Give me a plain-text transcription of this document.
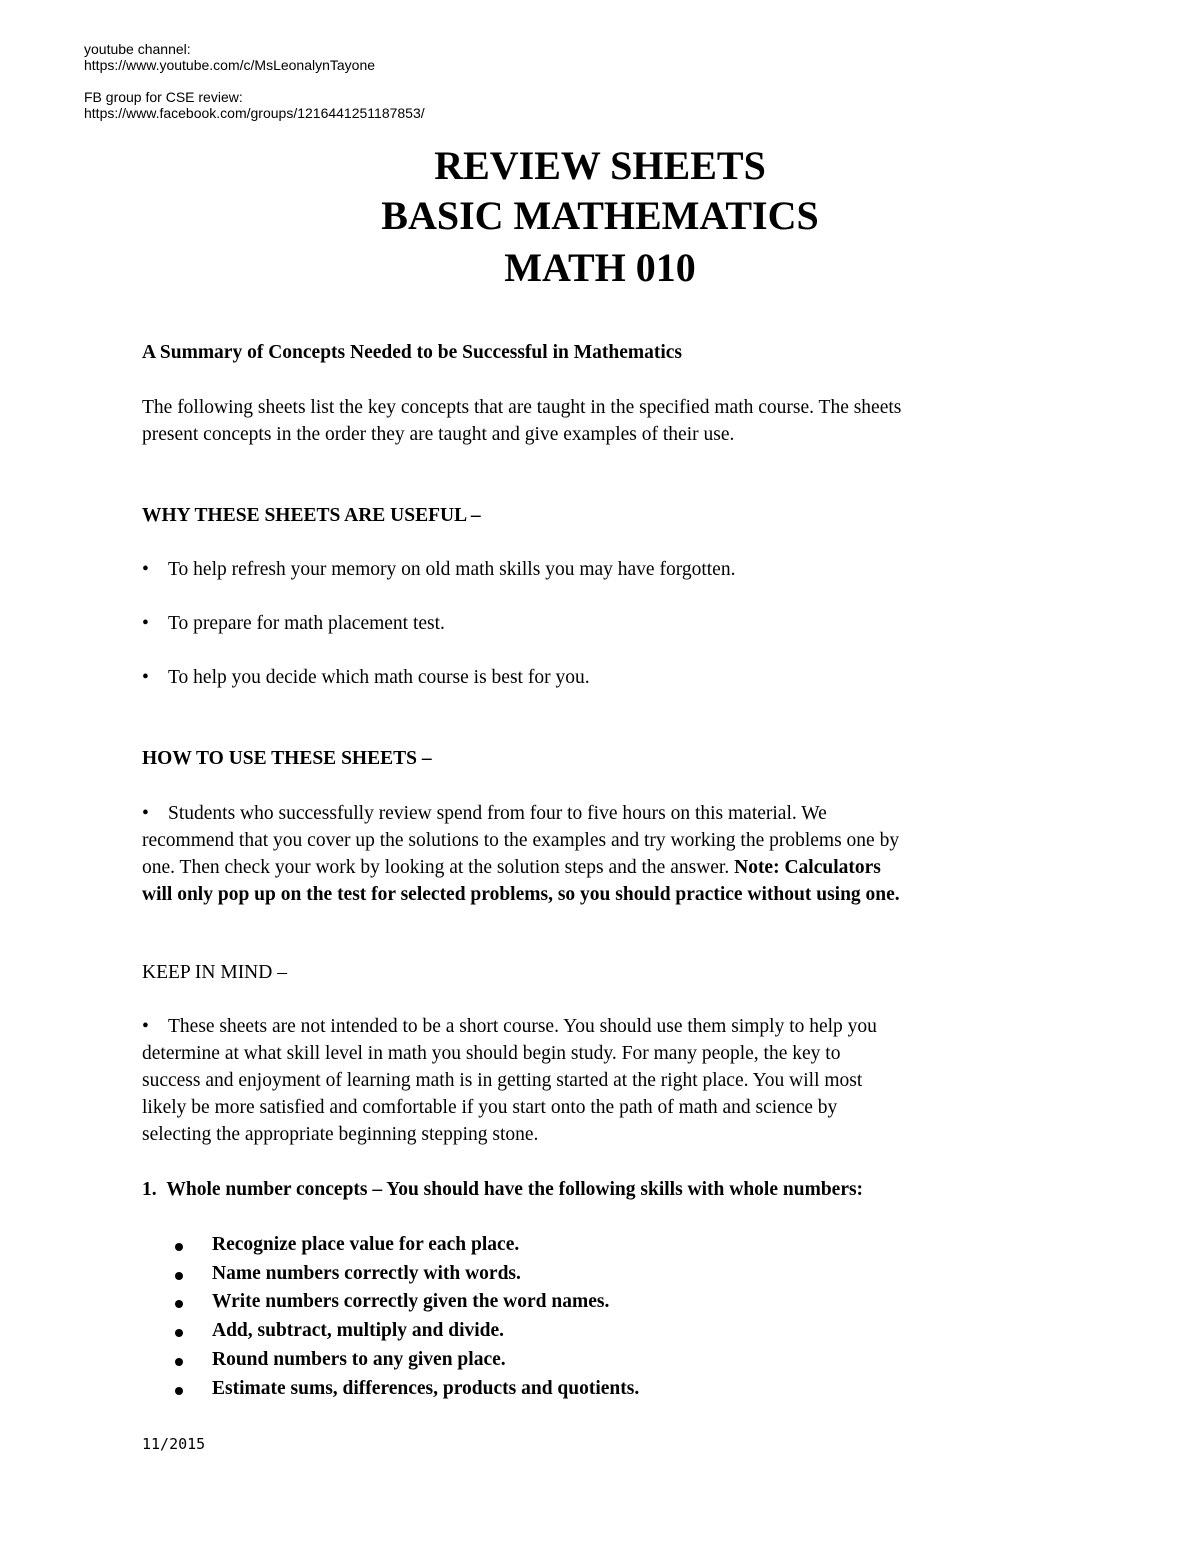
youtube channel:
https://www.youtube.com/c/MsLeonalynTayone
FB group for CSE review:
https://www.facebook.com/groups/1216441251187853/
REVIEW SHEETS
BASIC MATHEMATICS
MATH 010
A Summary of Concepts Needed to be Successful in Mathematics
The following sheets list the key concepts that are taught in the specified math course. The sheets
present concepts in the order they are taught and give examples of their use.
WHY THESE SHEETS ARE USEFUL –
• To help refresh your memory on old math skills you may have forgotten.
• To prepare for math placement test.
• To help you decide which math course is best for you.
HOW TO USE THESE SHEETS –
• Students who successfully review spend from four to five hours on this material. We
recommend that you cover up the solutions to the examples and try working the problems one by
one. Then check your work by looking at the solution steps and the answer. Note: Calculators
will only pop up on the test for selected problems, so you should practice without using one.
KEEP IN MIND –
• These sheets are not intended to be a short course. You should use them simply to help you
determine at what skill level in math you should begin study. For many people, the key to
success and enjoyment of learning math is in getting started at the right place. You will most
likely be more satisfied and comfortable if you start onto the path of math and science by
selecting the appropriate beginning stepping stone.
1. Whole number concepts – You should have the following skills with whole numbers:
Recognize place value for each place.
Name numbers correctly with words.
Write numbers correctly given the word names.
Add, subtract, multiply and divide.
Round numbers to any given place.
Estimate sums, differences, products and quotients.
11/2015
